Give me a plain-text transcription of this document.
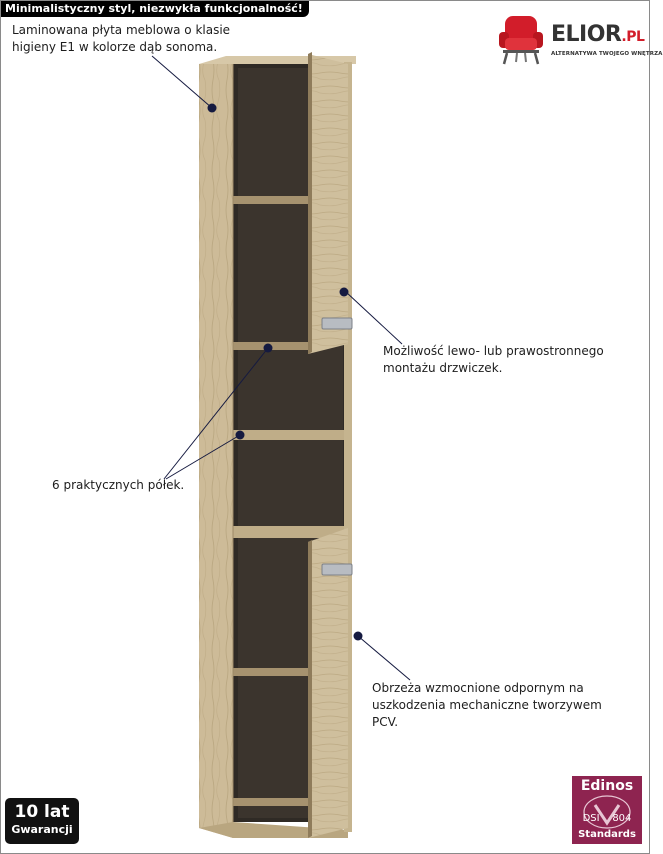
Minimalistyczny styl, niezwykła funkcjonalność!
ELIOR.PL
ALTERNATYWA TWOJEGO WNĘTRZA
Laminowana płyta meblowa o klasie higieny E1 w kolorze dąb sonoma.
Możliwość lewo- lub prawostronnego montażu drzwiczek.
6 praktycznych półek.
Obrzeża wzmocnione odpornym na uszkodzenia mechaniczne tworzywem PCV.
10 lat
Gwarancji
Edinos
DSI 804
Standards
